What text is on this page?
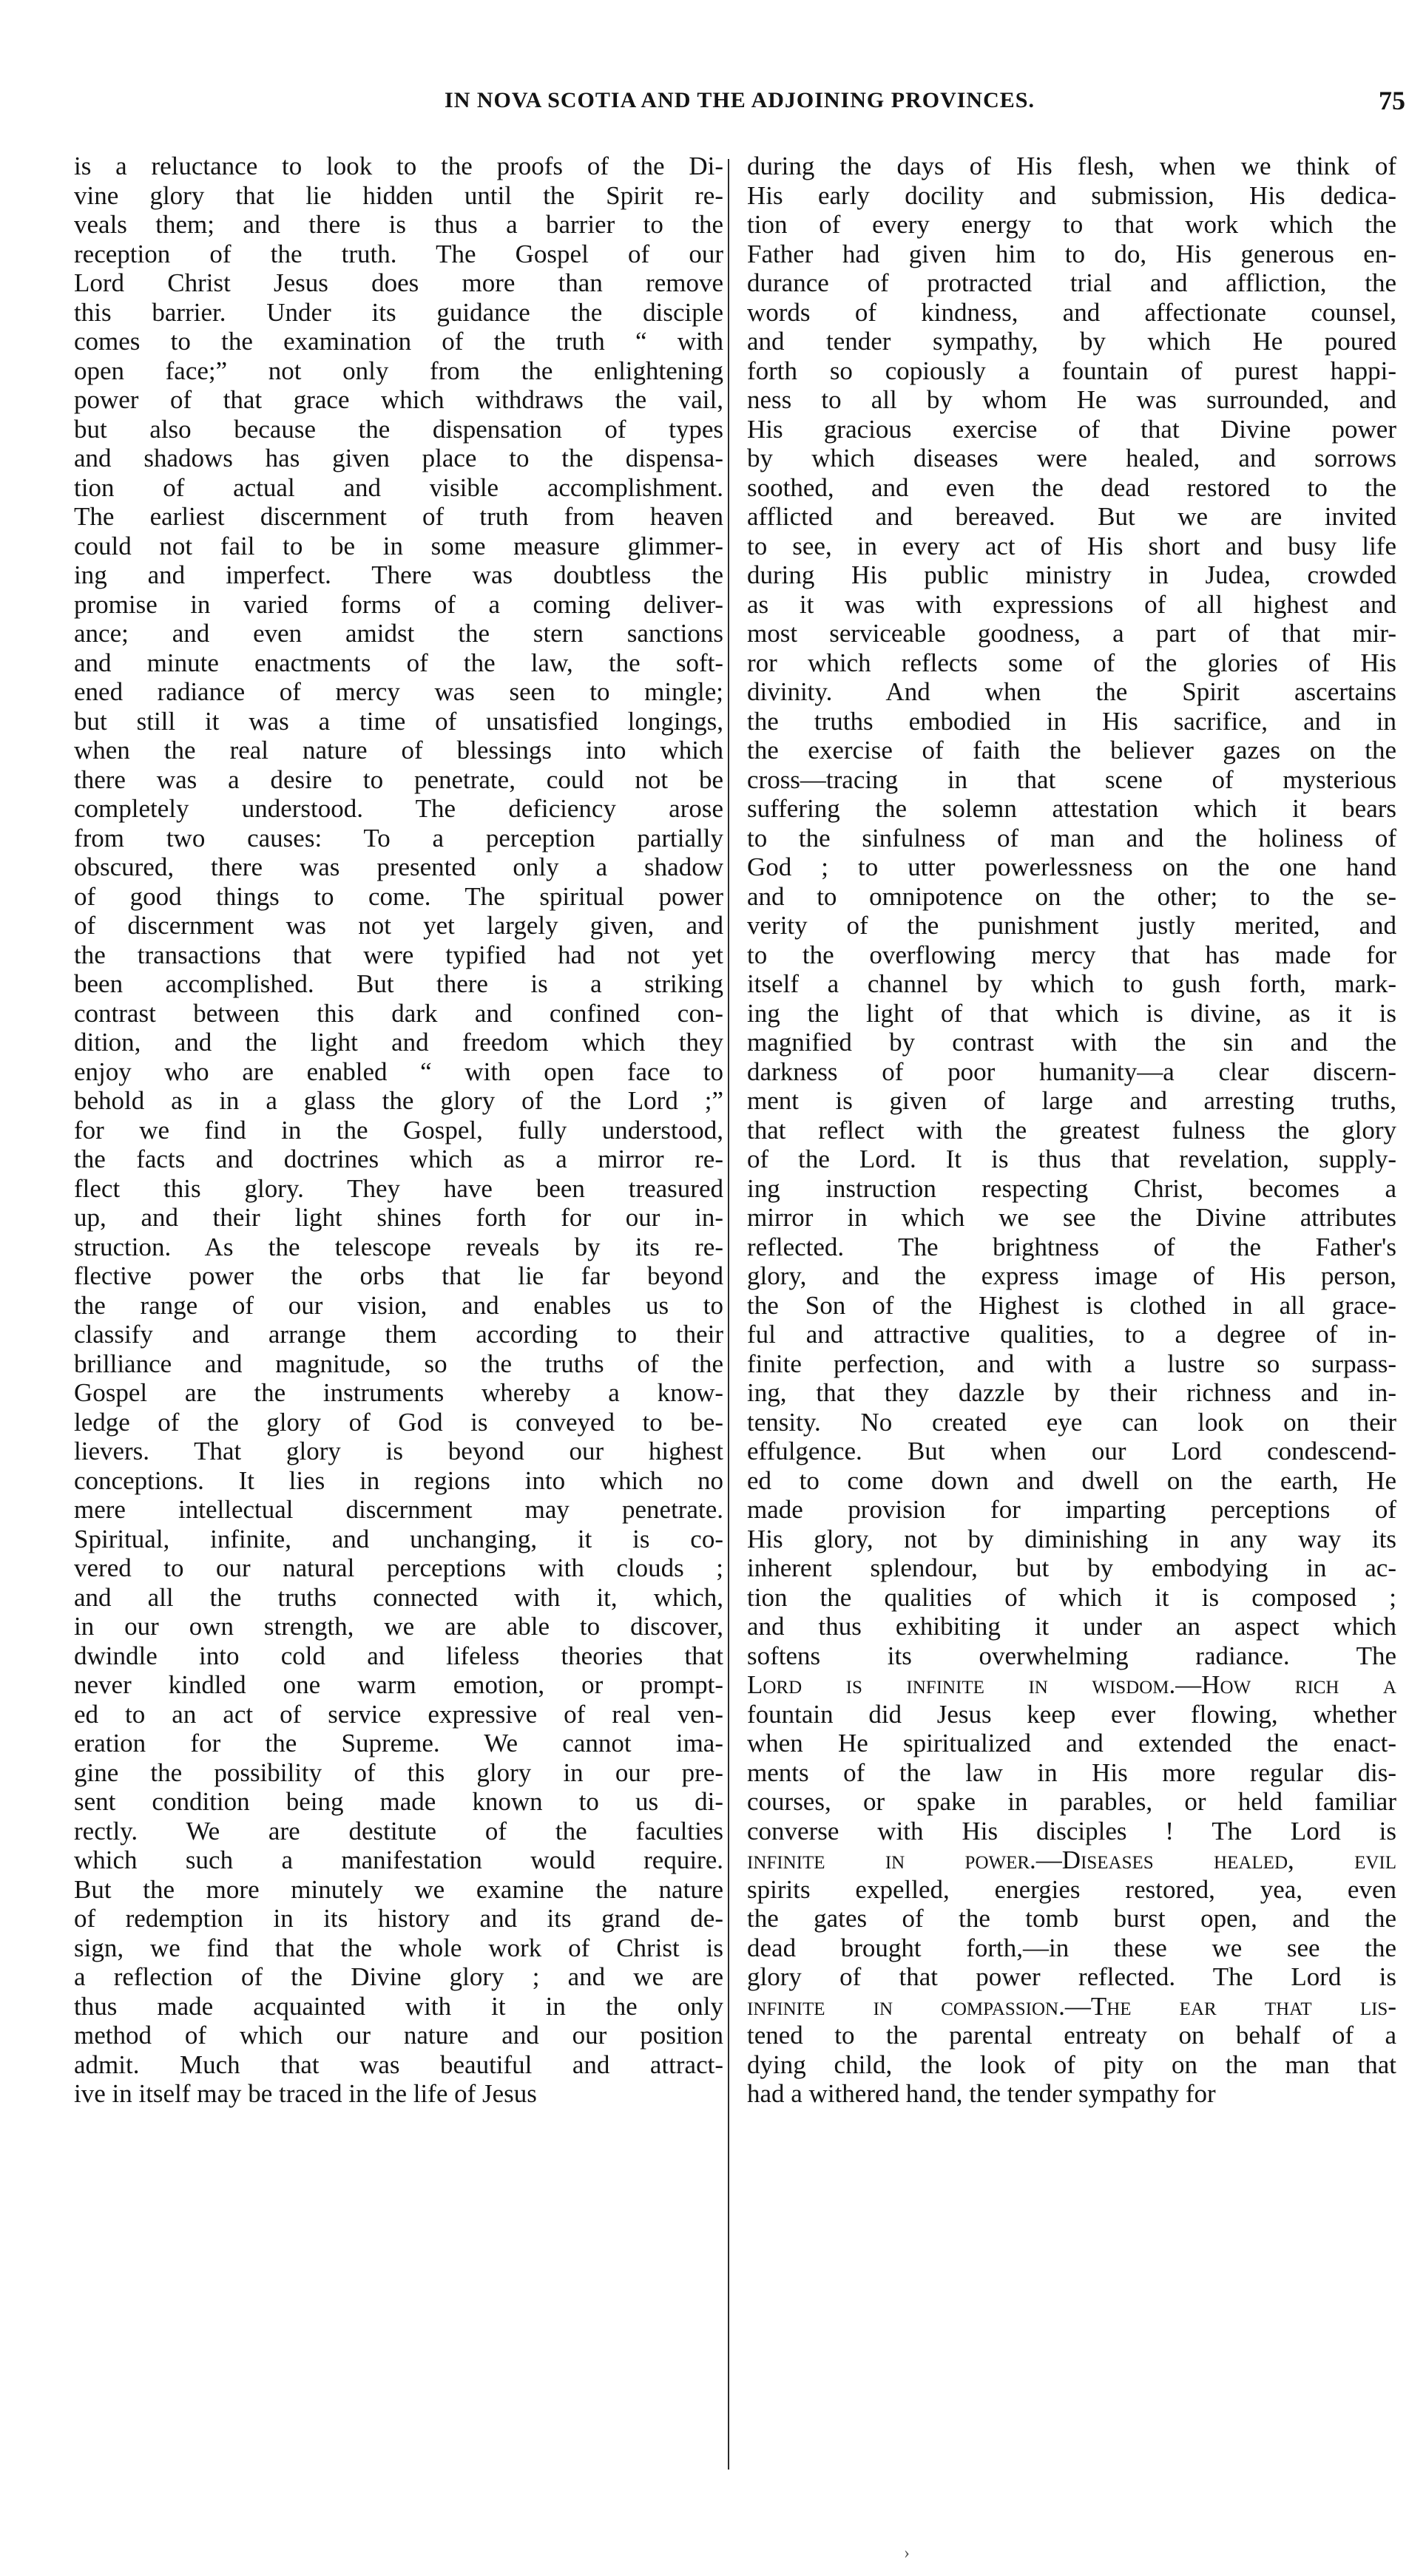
IN NOVA SCOTIA AND THE ADJOINING PROVINCES.	75
is a reluctance to look to the proofs of the Di-
vine glory that lie hidden until the Spirit re-
veals them; and there is thus a barrier to the
reception of the truth. The Gospel of our
Lord Christ Jesus does more than remove
this barrier. Under its guidance the disciple
comes to the examination of the truth “ with
open face;” not only from the enlightening
power of that grace which withdraws the vail,
but also because the dispensation of types
and shadows has given place to the dispensa-
tion of actual and visible accomplishment.
The earliest discernment of truth from heaven
could not fail to be in some measure glimmer-
ing and imperfect. There was doubtless the
promise in varied forms of a coming deliver-
ance; and even amidst the stern sanctions
and minute enactments of the law, the soft-
ened radiance of mercy was seen to mingle;
but still it was a time of unsatisfied longings,
when the real nature of blessings into which
there was a desire to penetrate, could not be
completely understood. The deficiency arose
from two causes: To a perception partially
obscured, there was presented only a shadow
of good things to come. The spiritual power
of discernment was not yet largely given, and
the transactions that were typified had not yet
been accomplished. But there is a striking
contrast between this dark and confined con-
dition, and the light and freedom which they
enjoy who are enabled “ with open face to
behold as in a glass the glory of the Lord ;”
for we find in the Gospel, fully understood,
the facts and doctrines which as a mirror re-
flect this glory. They have been treasured
up, and their light shines forth for our in-
struction. As the telescope reveals by its re-
flective power the orbs that lie far beyond
the range of our vision, and enables us to
classify and arrange them according to their
brilliance and magnitude, so the truths of the
Gospel are the instruments whereby a know-
ledge of the glory of God is conveyed to be-
lievers. That glory is beyond our highest
conceptions. It lies in regions into which no
mere intellectual discernment may penetrate.
Spiritual, infinite, and unchanging, it is co-
vered to our natural perceptions with clouds ;
and all the truths connected with it, which,
in our own strength, we are able to discover,
dwindle into cold and lifeless theories that
never kindled one warm emotion, or prompt-
ed to an act of service expressive of real ven-
eration for the Supreme. We cannot ima-
gine the possibility of this glory in our pre-
sent condition being made known to us di-
rectly. We are destitute of the faculties
which such a manifestation would require.
But the more minutely we examine the nature
of redemption in its history and its grand de-
sign, we find that the whole work of Christ is
a reflection of the Divine glory ; and we are
thus made acquainted with it in the only
method of which our nature and our position
admit. Much that was beautiful and attract-
ive in itself may be traced in the life of Jesus
during the days of His flesh, when we think of
His early docility and submission, His dedica-
tion of every energy to that work which the
Father had given him to do, His generous en-
durance of protracted trial and affliction, the
words of kindness, and affectionate counsel,
and tender sympathy, by which He poured
forth so copiously a fountain of purest happi-
ness to all by whom He was surrounded, and
His gracious exercise of that Divine power
by which diseases were healed, and sorrows
soothed, and even the dead restored to the
afflicted and bereaved. But we are invited
to see, in every act of His short and busy life
during His public ministry in Judea, crowded
as it was with expressions of all highest and
most serviceable goodness, a part of that mir-
ror which reflects some of the glories of His
divinity. And when the Spirit ascertains
the truths embodied in His sacrifice, and in
the exercise of faith the believer gazes on the
cross—tracing in that scene of mysterious
suffering the solemn attestation which it bears
to the sinfulness of man and the holiness of
God ; to utter powerlessness on the one hand
and to omnipotence on the other; to the se-
verity of the punishment justly merited, and
to the overflowing mercy that has made for
itself a channel by which to gush forth, mark-
ing the light of that which is divine, as it is
magnified by contrast with the sin and the
darkness of poor humanity—a clear discern-
ment is given of large and arresting truths,
that reflect with the greatest fulness the glory
of the Lord. It is thus that revelation, supply-
ing instruction respecting Christ, becomes a
mirror in which we see the Divine attributes
reflected. The brightness of the Father's
glory, and the express image of His person,
the Son of the Highest is clothed in all grace-
ful and attractive qualities, to a degree of in-
finite perfection, and with a lustre so surpass-
ing, that they dazzle by their richness and in-
tensity. No created eye can look on their
effulgence. But when our Lord condescend-
ed to come down and dwell on the earth, He
made provision for imparting perceptions of
His glory, not by diminishing in any way its
inherent splendour, but by embodying in ac-
tion the qualities of which it is composed ;
and thus exhibiting it under an aspect which
softens its overwhelming radiance. The
Lord is infinite in wisdom.—How rich a
fountain did Jesus keep ever flowing, whether
when He spiritualized and extended the enact-
ments of the law in His more regular dis-
courses, or spake in parables, or held familiar
converse with His disciples ! The Lord is
infinite in power.—Diseases healed, evil
spirits expelled, energies restored, yea, even
the gates of the tomb burst open, and the
dead brought forth,—in these we see the
glory of that power reflected. The Lord is
infinite in compassion.—The ear that lis-
tened to the parental entreaty on behalf of a
dying child, the look of pity on the man that
had a withered hand, the tender sympathy for
›
